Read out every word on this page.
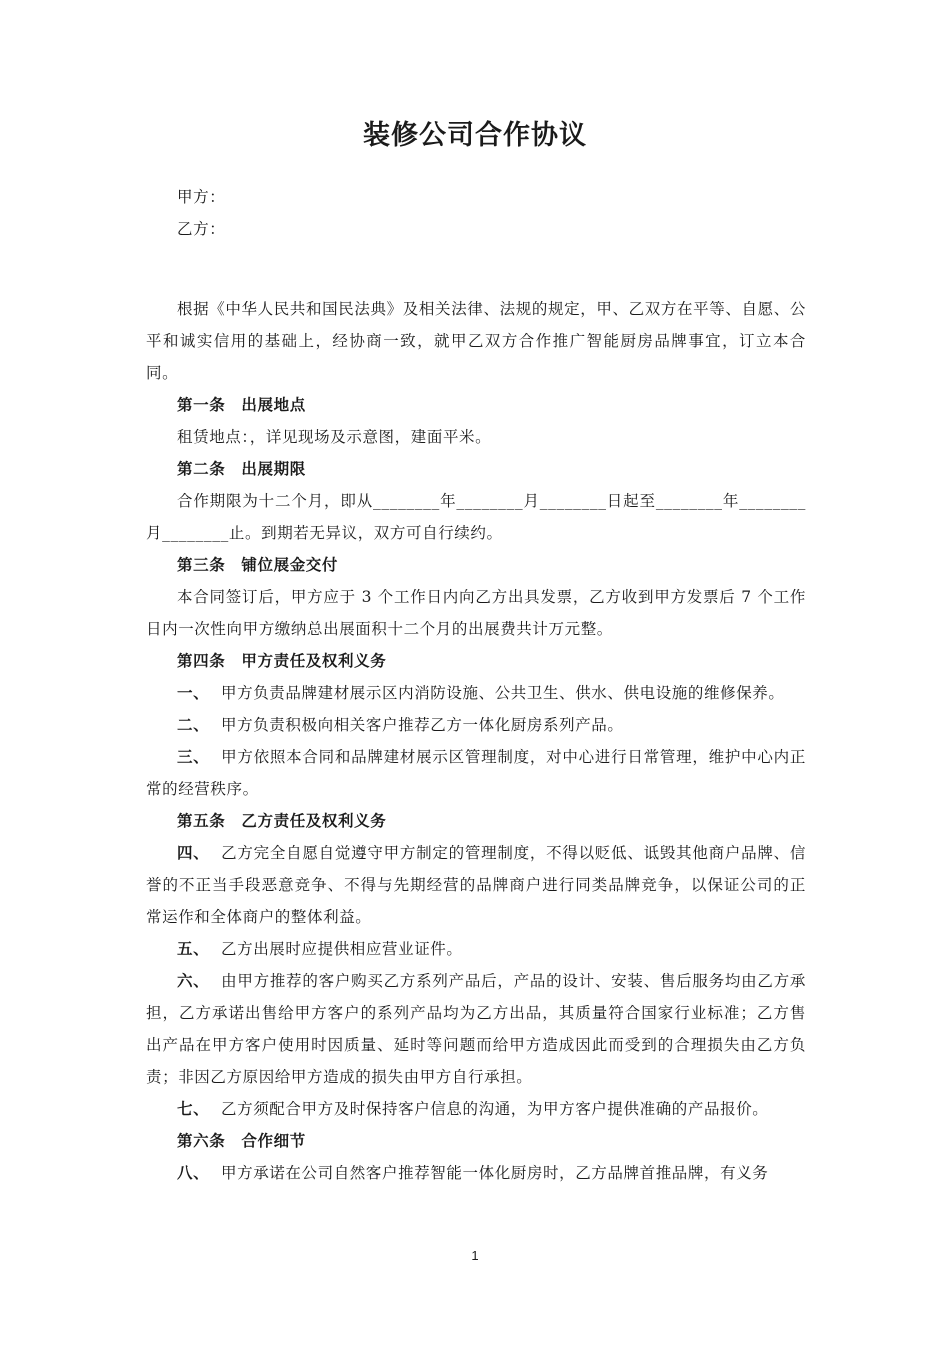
装修公司合作协议

甲方：

乙方：

根据《中华人民共和国民法典》及相关法律、法规的规定，甲、乙双方在平等、自愿、公平和诚实信用的基础上，经协商一致，就甲乙双方合作推广智能厨房品牌事宜，订立本合同。

第一条　出展地点

租赁地点：，详见现场及示意图，建面平米。

第二条　出展期限

合作期限为十二个月，即从________年________月________日起至________年________月________止。到期若无异议，双方可自行续约。

第三条　铺位展金交付

本合同签订后，甲方应于 3 个工作日内向乙方出具发票，乙方收到甲方发票后 7 个工作日内一次性向甲方缴纳总出展面积十二个月的出展费共计万元整。

第四条　甲方责任及权利义务

一、 甲方负责品牌建材展示区内消防设施、公共卫生、供水、供电设施的维修保养。

二、 甲方负责积极向相关客户推荐乙方一体化厨房系列产品。

三、 甲方依照本合同和品牌建材展示区管理制度，对中心进行日常管理，维护中心内正常的经营秩序。

第五条　乙方责任及权利义务

四、 乙方完全自愿自觉遵守甲方制定的管理制度，不得以贬低、诋毁其他商户品牌、信誉的不正当手段恶意竞争、不得与先期经营的品牌商户进行同类品牌竞争，以保证公司的正常运作和全体商户的整体利益。

五、 乙方出展时应提供相应营业证件。

六、 由甲方推荐的客户购买乙方系列产品后，产品的设计、安装、售后服务均由乙方承担，乙方承诺出售给甲方客户的系列产品均为乙方出品，其质量符合国家行业标准；乙方售出产品在甲方客户使用时因质量、延时等问题而给甲方造成因此而受到的合理损失由乙方负责；非因乙方原因给甲方造成的损失由甲方自行承担。

七、 乙方须配合甲方及时保持客户信息的沟通，为甲方客户提供准确的产品报价。

第六条　合作细节

八、 甲方承诺在公司自然客户推荐智能一体化厨房时，乙方品牌首推品牌，有义务

1
